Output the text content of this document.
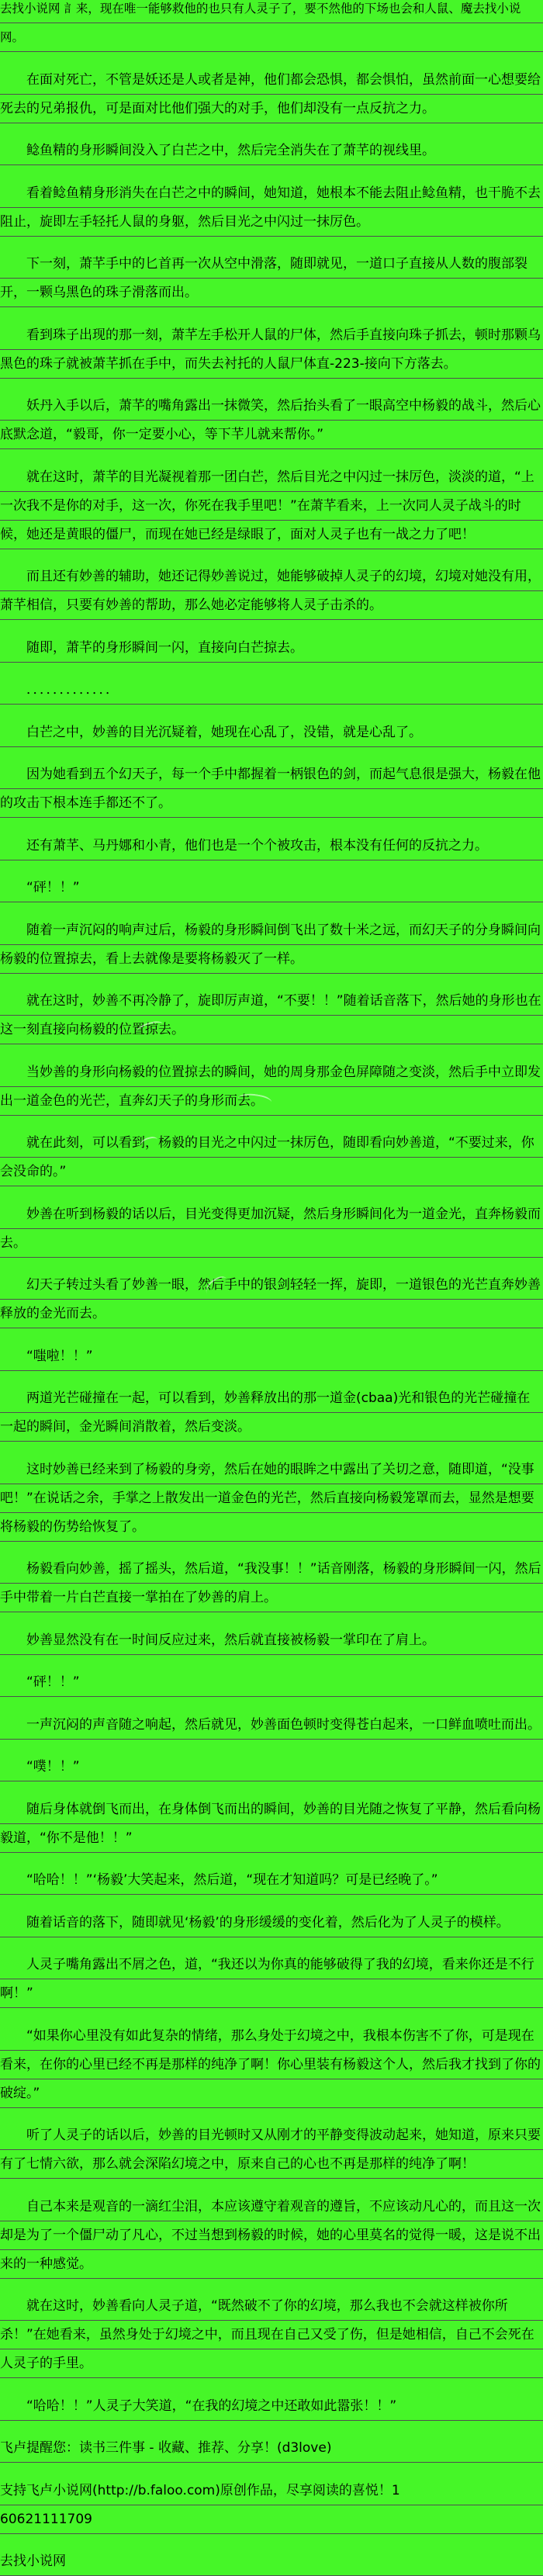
去找小说网 訁来，现在唯一能够救他的也只有人灵子了，要不然他的下场也会和人鼠、魔去找小说网。

在面对死亡，不管是妖还是人或者是神，他们都会恐惧，都会惧怕，虽然前面一心想要给死去的兄弟报仇，可是面对比他们强大的对手，他们却没有一点反抗之力。

鲶鱼精的身形瞬间没入了白芒之中，然后完全消失在了萧芊的视线里。

看着鲶鱼精身形消失在白芒之中的瞬间，她知道，她根本不能去阻止鲶鱼精，也干脆不去阻止，旋即左手轻托人鼠的身躯，然后目光之中闪过一抹厉色。

下一刻，萧芊手中的匕首再一次从空中滑落，随即就见，一道口子直接从人数的腹部裂开，一颗乌黑色的珠子滑落而出。

看到珠子出现的那一刻，萧芊左手松开人鼠的尸体，然后手直接向珠子抓去，顿时那颗乌黑色的珠子就被萧芊抓在手中，而失去衬托的人鼠尸体直-223-接向下方落去。

妖丹入手以后，萧芊的嘴角露出一抹微笑，然后抬头看了一眼高空中杨毅的战斗，然后心底默念道，“毅哥，你一定要小心，等下芊儿就来帮你。”

就在这时，萧芊的目光凝视着那一团白芒，然后目光之中闪过一抹厉色，淡淡的道，“上一次我不是你的对手，这一次，你死在我手里吧！”在萧芊看来，上一次同人灵子战斗的时候，她还是黄眼的僵尸，而现在她已经是绿眼了，面对人灵子也有一战之力了吧！

而且还有妙善的辅助，她还记得妙善说过，她能够破掉人灵子的幻境，幻境对她没有用，萧芊相信，只要有妙善的帮助，那么她必定能够将人灵子击杀的。

随即，萧芊的身形瞬间一闪，直接向白芒掠去。

．．．．．．．．．．．．．

白芒之中，妙善的目光沉疑着，她现在心乱了，没错，就是心乱了。

因为她看到五个幻天子，每一个手中都握着一柄银色的剑，而起气息很是强大，杨毅在他的攻击下根本连手都还不了。

还有萧芊、马丹娜和小青，他们也是一个个被攻击，根本没有任何的反抗之力。

“砰！！”

随着一声沉闷的响声过后，杨毅的身形瞬间倒飞出了数十米之远，而幻天子的分身瞬间向杨毅的位置掠去，看上去就像是要将杨毅灭了一样。

就在这时，妙善不再冷静了，旋即厉声道，“不要！！”随着话音落下，然后她的身形也在这一刻直接向杨毅的位置掠去。

当妙善的身形向杨毅的位置掠去的瞬间，她的周身那金色屏障随之变淡，然后手中立即发出一道金色的光芒，直奔幻天子的身形而去。

就在此刻，可以看到，杨毅的目光之中闪过一抹厉色，随即看向妙善道，“不要过来，你会没命的。”

妙善在听到杨毅的话以后，目光变得更加沉疑，然后身形瞬间化为一道金光，直奔杨毅而去。

幻天子转过头看了妙善一眼，然后手中的银剑轻轻一挥，旋即，一道银色的光芒直奔妙善释放的金光而去。

“嗤啦！！”

两道光芒碰撞在一起，可以看到，妙善释放出的那一道金(cbaa)光和银色的光芒碰撞在一起的瞬间，金光瞬间消散着，然后变淡。

这时妙善已经来到了杨毅的身旁，然后在她的眼眸之中露出了关切之意，随即道，“没事吧！”在说话之余，手掌之上散发出一道金色的光芒，然后直接向杨毅笼罩而去，显然是想要将杨毅的伤势给恢复了。

杨毅看向妙善，摇了摇头，然后道，“我没事！！”话音刚落，杨毅的身形瞬间一闪，然后手中带着一片白芒直接一掌拍在了妙善的肩上。

妙善显然没有在一时间反应过来，然后就直接被杨毅一掌印在了肩上。

“砰！！”

一声沉闷的声音随之响起，然后就见，妙善面色顿时变得苍白起来，一口鲜血喷吐而出。

“噗！！”

随后身体就倒飞而出，在身体倒飞而出的瞬间，妙善的目光随之恢复了平静，然后看向杨毅道，“你不是他！！”

“哈哈！！”‘杨毅’大笑起来，然后道，“现在才知道吗？可是已经晚了。”

随着话音的落下，随即就见‘杨毅’的身形缓缓的变化着，然后化为了人灵子的模样。

人灵子嘴角露出不屑之色，道，“我还以为你真的能够破得了我的幻境，看来你还是不行啊！”

“如果你心里没有如此复杂的情绪，那么身处于幻境之中，我根本伤害不了你，可是现在看来，在你的心里已经不再是那样的纯净了啊！你心里装有杨毅这个人，然后我才找到了你的破绽。”

听了人灵子的话以后，妙善的目光顿时又从刚才的平静变得波动起来，她知道，原来只要有了七情六欲，那么就会深陷幻境之中，原来自己的心也不再是那样的纯净了啊！

自己本来是观音的一滴红尘泪，本应该遵守着观音的遵旨，不应该动凡心的，而且这一次却是为了一个僵尸动了凡心，不过当想到杨毅的时候，她的心里莫名的觉得一暖，这是说不出来的一种感觉。

就在这时，妙善看向人灵子道，“既然破不了你的幻境，那么我也不会就这样被你所杀！”在她看来，虽然身处于幻境之中，而且现在自己又受了伤，但是她相信，自己不会死在人灵子的手里。

“哈哈！！”人灵子大笑道，“在我的幻境之中还敢如此嚣张！！”

飞卢提醒您：读书三件事 - 收藏、推荐、分享！(d3love)

支持飞卢小说网(http://b.faloo.com)原创作品，尽享阅读的喜悦！1

60621111709

去找小说网
